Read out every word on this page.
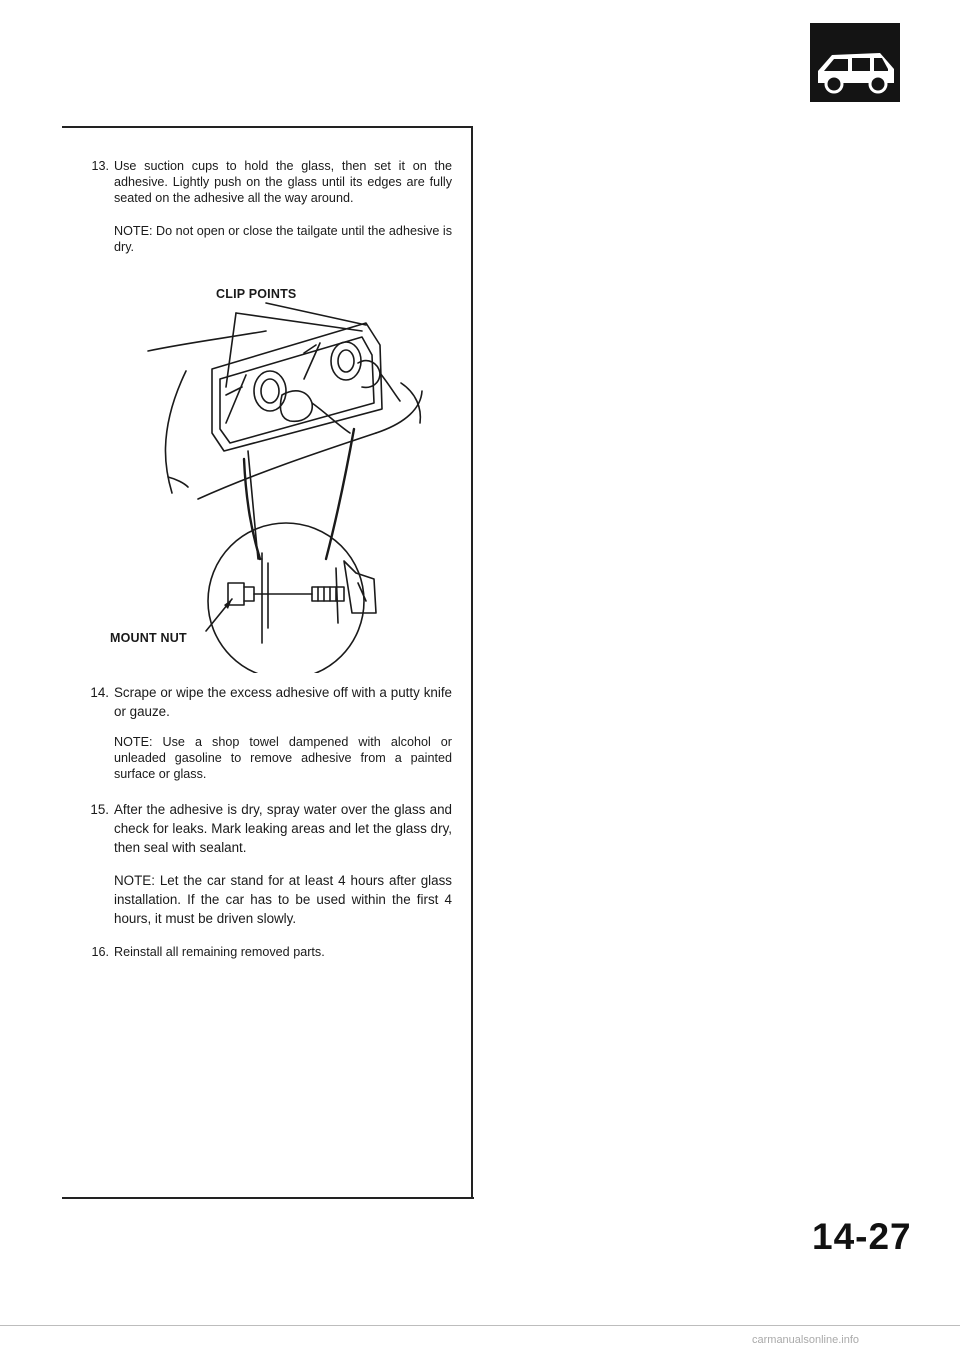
13. Use suction cups to hold the glass, then set it on the adhesive. Lightly push on the glass until its edges are fully seated on the adhesive all the way around.

NOTE: Do not open or close the tailgate until the adhesive is dry.

CLIP POINTS
MOUNT NUT
14. Scrape or wipe the excess adhesive off with a putty knife or gauze.

NOTE: Use a shop towel dampened with alcohol or unleaded gasoline to remove adhesive from a painted surface or glass.

15. After the adhesive is dry, spray water over the glass and check for leaks. Mark leaking areas and let the glass dry, then seal with sealant.

NOTE: Let the car stand for at least 4 hours after glass installation. If the car has to be used within the first 4 hours, it must be driven slowly.

16. Reinstall all remaining removed parts.

14-27
carmanualsonline.info
